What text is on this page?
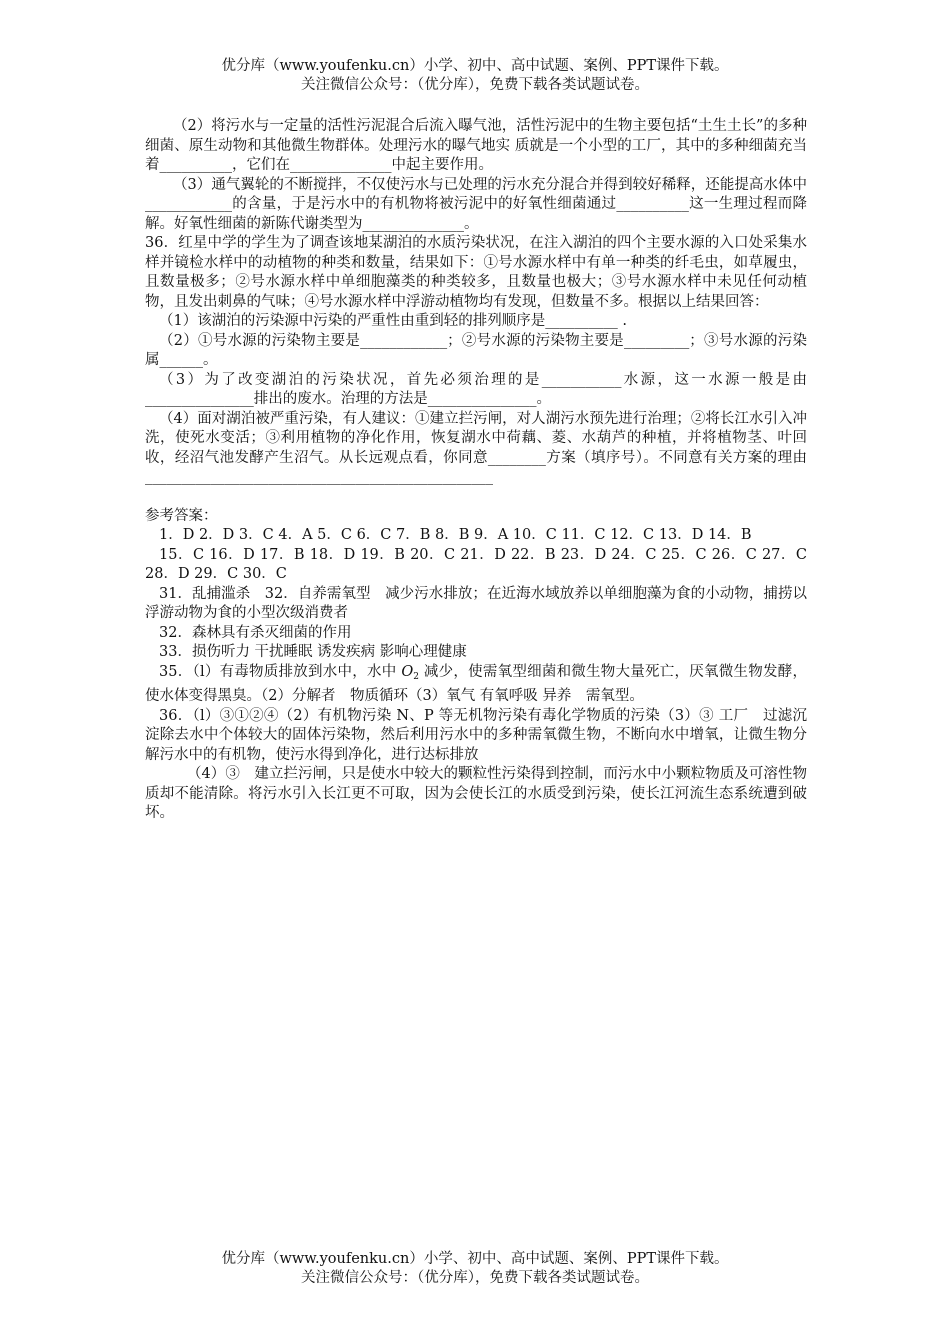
优分库（www.youfenku.cn）小学、初中、高中试题、案例、PPT课件下载。
关注微信公众号：（优分库），免费下载各类试题试卷。

（2）将污水与一定量的活性污泥混合后流入曝气池，活性污泥中的生物主要包括“土生土长”的多种细菌、原生动物和其他微生物群体。处理污水的曝气地实 质就是一个小型的工厂，其中的多种细菌充当着__________，它们在______________中起主要作用。

（3）通气翼轮的不断搅拌，不仅使污水与已处理的污水充分混合并得到较好稀释，还能提高水体中____________的含量，于是污水中的有机物将被污泥中的好氧性细菌通过__________这一生理过程而降解。好氧性细菌的新陈代谢类型为______________。

36．红星中学的学生为了调查该地某湖泊的水质污染状况，在注入湖泊的四个主要水源的入口处采集水样并镜检水样中的动植物的种类和数量，结果如下：①号水源水样中有单一种类的纤毛虫，如草履虫，且数量极多；②号水源水样中单细胞藻类的种类较多，且数量也极大；③号水源水样中未见任何动植物，且发出刺鼻的气味；④号水源水样中浮游动植物均有发现，但数量不多。根据以上结果回答：

（1）该湖泊的污染源中污染的严重性由重到轻的排列顺序是__________ .

（2）①号水源的污染物主要是____________；②号水源的污染物主要是_________；③号水源的污染属______。

（3）为了改变湖泊的污染状况，首先必须治理的是___________水源，这一水源一般是由_______________排出的废水。治理的方法是_______________。

（4）面对湖泊被严重污染，有人建议：①建立拦污闸，对人湖污水预先进行治理；②将长江水引入冲洗，使死水变活；③利用植物的净化作用，恢复湖水中荷藕、菱、水葫芦的种植，并将植物茎、叶回收，经沼气池发酵产生沼气。从长远观点看，你同意________方案（填序号）。不同意有关方案的理由________________________________________________

参考答案：

1．D 2．D 3．C 4．A 5．C 6．C 7．B 8．B 9．A 10．C 11．C 12．C 13．D 14．B

15．C 16．D 17．B 18．D 19．B 20．C 21．D 22．B 23．D 24．C 25．C 26．C 27．C 28．D 29．C 30．C

31．乱捕滥杀　32．自养需氧型　减少污水排放；在近海水域放养以单细胞藻为食的小动物，捕捞以浮游动物为食的小型次级消费者

32．森林具有杀灭细菌的作用

33．损伤听力 干扰睡眠 诱发疾病 影响心理健康

35．（l）有毒物质排放到水中，水中 $O_2$ 减少，使需氧型细菌和微生物大量死亡，厌氧微生物发酵，使水体变得黑臭。（2）分解者　物质循环（3）氧气 有氧呼吸 异养　需氧型。

36．（l）③①②④（2）有机物污染 N、P 等无机物污染有毒化学物质的污染（3）③ 工厂　过滤沉淀除去水中个体较大的固体污染物，然后利用污水中的多种需氧微生物，不断向水中增氧，让微生物分解污水中的有机物，使污水得到净化，进行达标排放

（4）③　建立拦污闸，只是使水中较大的颗粒性污染得到控制，而污水中小颗粒物质及可溶性物质却不能清除。将污水引入长江更不可取，因为会使长江的水质受到污染，使长江河流生态系统遭到破坏。

优分库（www.youfenku.cn）小学、初中、高中试题、案例、PPT课件下载。
关注微信公众号：（优分库），免费下载各类试题试卷。
